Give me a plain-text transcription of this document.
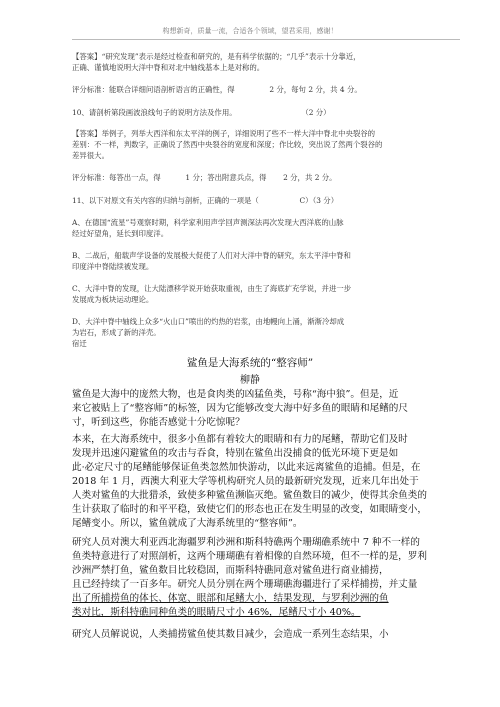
构想新奇，质量一流，合适各个领域，望君采用，感谢！
【答案】“研究发现”表示是经过检查和研究的，是有科学依据的；“几乎”表示十分靠近，
正确、谨慎地说明大洋中脊和对北中轴线基本上是对称的。
评分标准：能联合详细问语剖析语言的正确性，得	2 分，每句 2 分，共 4 分。
10、请剖析第段画波浪线句子的说明方法及作用。	（2 分）
【答案】举例子，列举大西洋和东太平洋的例子，详细说明了些不一样大洋中脊北中央裂谷的
差别：不一样，判数字，正确说了然西中央裂谷的宽度和深度；作比较，突出说了然两个裂谷的
差异很大。
评分标准：每答出一点，得	1 分；答出附意兵点，得 2 分，共 2 分。
11、以下对原文有关内容的归纳与剖析，正确的一项是（	C）（3 分）
A、在德国“流星”号观察时期，科学家利用声学回声测深法再次发现大西洋底的山脉
经过好望角，延长到印度洋。
B、二战后，船载声学设备的发展极大促使了人们对大洋中脊的研究，东太平洋中脊和
印度洋中脊陆续被发现。
C、大洋中脊的发现，让大陆漂移学说开始获取重视，由生了海底扩充学说，并进一步
发展成为板块运动理论。
D、大洋中脊中轴线上众多“火山口”喷出的灼热的岩浆，由地幔向上涌，渐渐冷却成
为岩石，形成了新的洋壳。
宿迁
鲨鱼是大海系统的“整容师”
柳静
鲨鱼是大海中的庞然大物，也是食肉类的凶猛鱼类，号称“海中狼”。但是，近
来它被贴上了“整容师”的标签，因为它能够改变大海中好多鱼的眼睛和尾鳍的尺
寸，听到这些，你能否感觉十分吃惊呢？
本来，在大海系统中，很多小鱼都有着较大的眼睛和有力的尾鳍，帮助它们及时
发现并迅速闪避鲨鱼的攻击与吞食，特别在鲨鱼出没捕食的低光环境下更是如
此·必定尺寸的尾鳍能够保证鱼类忽然加快游动，以此来远离鲨鱼的追捕。但是，在
2018 年 1 月，西澳大利亚大学等机构研究人员的最新研究发现，近来几年出处于
人类对鲨鱼的大批猎杀，致使多种鲨鱼濒临灭绝。鲨鱼数目的减少，使得其余鱼类的
生计获取了临时的和平平稳，致使它们的形态也正在发生明显的改变，如眼睛变小，
尾鳍变小。所以，鲨鱼就成了大海系统里的“整容师”。
研究人员对澳大利亚西北海疆罗利沙洲和斯科特礁两个珊瑚礁系统中 7 种不一样的
鱼类特意进行了对照剖析，这两个珊瑚礁有着相像的自然环境，但不一样的是，罗利
沙洲严禁打鱼，鲨鱼数目比较稳固，而斯科特礁同意对鲨鱼进行商业捕捞，
且已经持续了一百多年。研究人员分别在两个珊瑚礁海疆进行了采样捕捞，并丈量
出了所捕捞鱼的体长、体宽、眼部和尾鳍大小，结果发现，与罗利沙洲的鱼
类对比，斯科特礁同种鱼类的眼睛尺寸小 46%，尾鳍尺寸小 40%。
研究人员解说说，人类捕捞鲨鱼使其数目减少，会造成一系列生态结果，小
